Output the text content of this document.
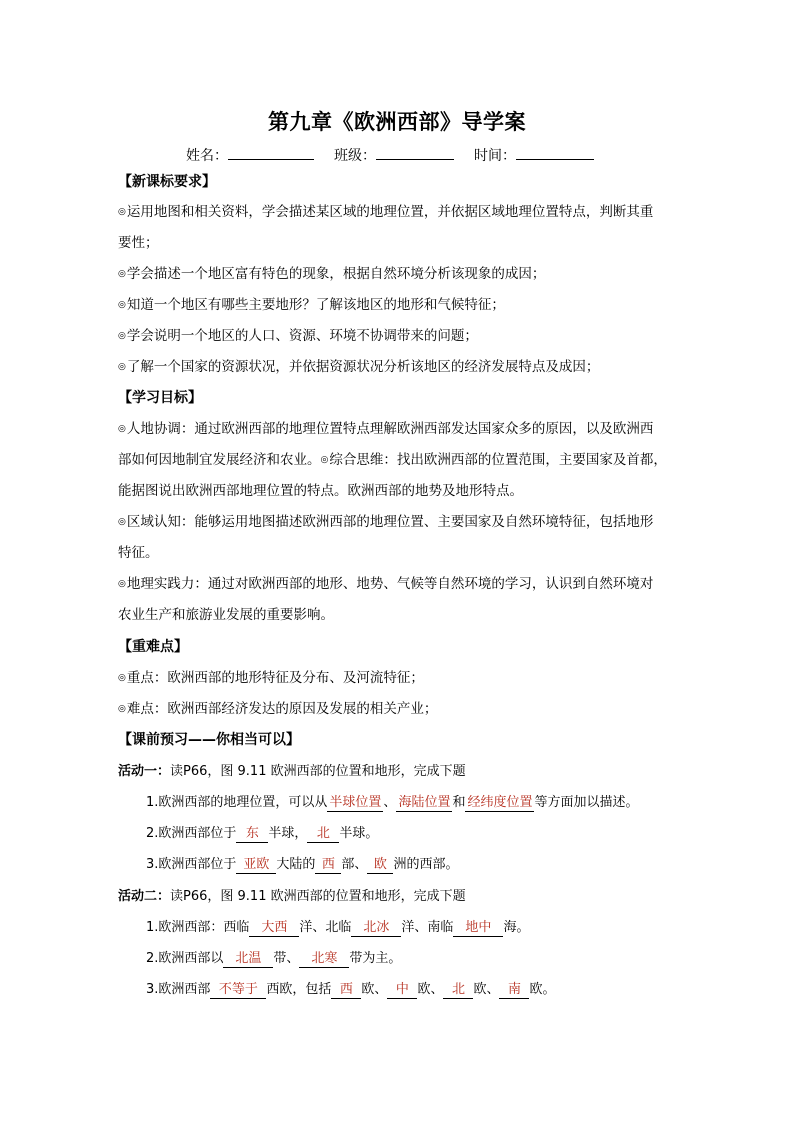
第九章《欧洲西部》导学案
姓名：	班级：	时间：
【新课标要求】
◎运用地图和相关资料，学会描述某区域的地理位置，并依据区域地理位置特点，判断其重
要性；
◎学会描述一个地区富有特色的现象，根据自然环境分析该现象的成因；
◎知道一个地区有哪些主要地形？了解该地区的地形和气候特征；
◎学会说明一个地区的人口、资源、环境不协调带来的问题；
◎了解一个国家的资源状况，并依据资源状况分析该地区的经济发展特点及成因；
【学习目标】
◎人地协调：通过欧洲西部的地理位置特点理解欧洲西部发达国家众多的原因，以及欧洲西
部如何因地制宜发展经济和农业。◎综合思维：找出欧洲西部的位置范围，主要国家及首都，
能据图说出欧洲西部地理位置的特点。欧洲西部的地势及地形特点。
◎区域认知：能够运用地图描述欧洲西部的地理位置、主要国家及自然环境特征，包括地形
特征。
◎地理实践力：通过对欧洲西部的地形、地势、气候等自然环境的学习，认识到自然环境对
农业生产和旅游业发展的重要影响。
【重难点】
◎重点：欧洲西部的地形特征及分布、及河流特征；
◎难点：欧洲西部经济发达的原因及发展的相关产业；
【课前预习——你相当可以】
活动一：读P66，图 9.11 欧洲西部的位置和地形，完成下题
1.欧洲西部的地理位置，可以从 半球位置 、 海陆位置 和 经纬度位置 等方面加以描述。
2.欧洲西部位于 东 半球， 北 半球。
3.欧洲西部位于 亚欧 大陆的 西 部、 欧 洲的西部。
活动二：读P66，图 9.11 欧洲西部的位置和地形，完成下题
1.欧洲西部：西临 大西 洋、北临 北冰 洋、南临 地中 海。
2.欧洲西部以 北温 带、 北寒 带为主。
3.欧洲西部 不等于 西欧，包括 西 欧、 中 欧、 北 欧、 南 欧。
